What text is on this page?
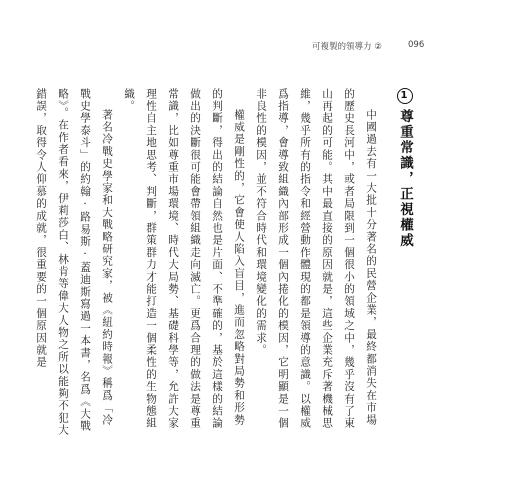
可複製的領導力 ②	096
1
尊重常識，正視權威

中國過去有一大批十分著名的民營企業，最終都消失在市場的歷史長河中，或者局限到一個很小的領域之中，幾乎沒有了東山再起的可能。其中最直接的原因就是，這些企業充斥著機械思維，幾乎所有的指令和經營動作體現的都是領導的意識。以權威爲指導，會導致組織內部形成一個內捲化的模因，它明顯是一個非良性的模因，並不符合時代和環境變化的需求。

權威是剛性的，它會使人陷入盲目，進而忽略對局勢和形勢的判斷，得出的結論自然也是片面、不準確的，基於這樣的結論做出的決斷很可能會帶領組織走向滅亡。更爲合理的做法是尊重常識，比如尊重市場環境、時代大局勢、基礎科學等，允許大家理性自主地思考、判斷，群策群力才能打造一個柔性的生物態組織。

著名冷戰史學家和大戰略研究家，被《紐約時報》稱爲「冷戰史學泰斗」的約翰·路易斯·蓋迪斯寫過一本書，名爲《大戰略》。在作者看來，伊莉莎白、林肯等偉大人物之所以能夠不犯大錯誤，取得令人仰慕的成就，很重要的一個原因就是
